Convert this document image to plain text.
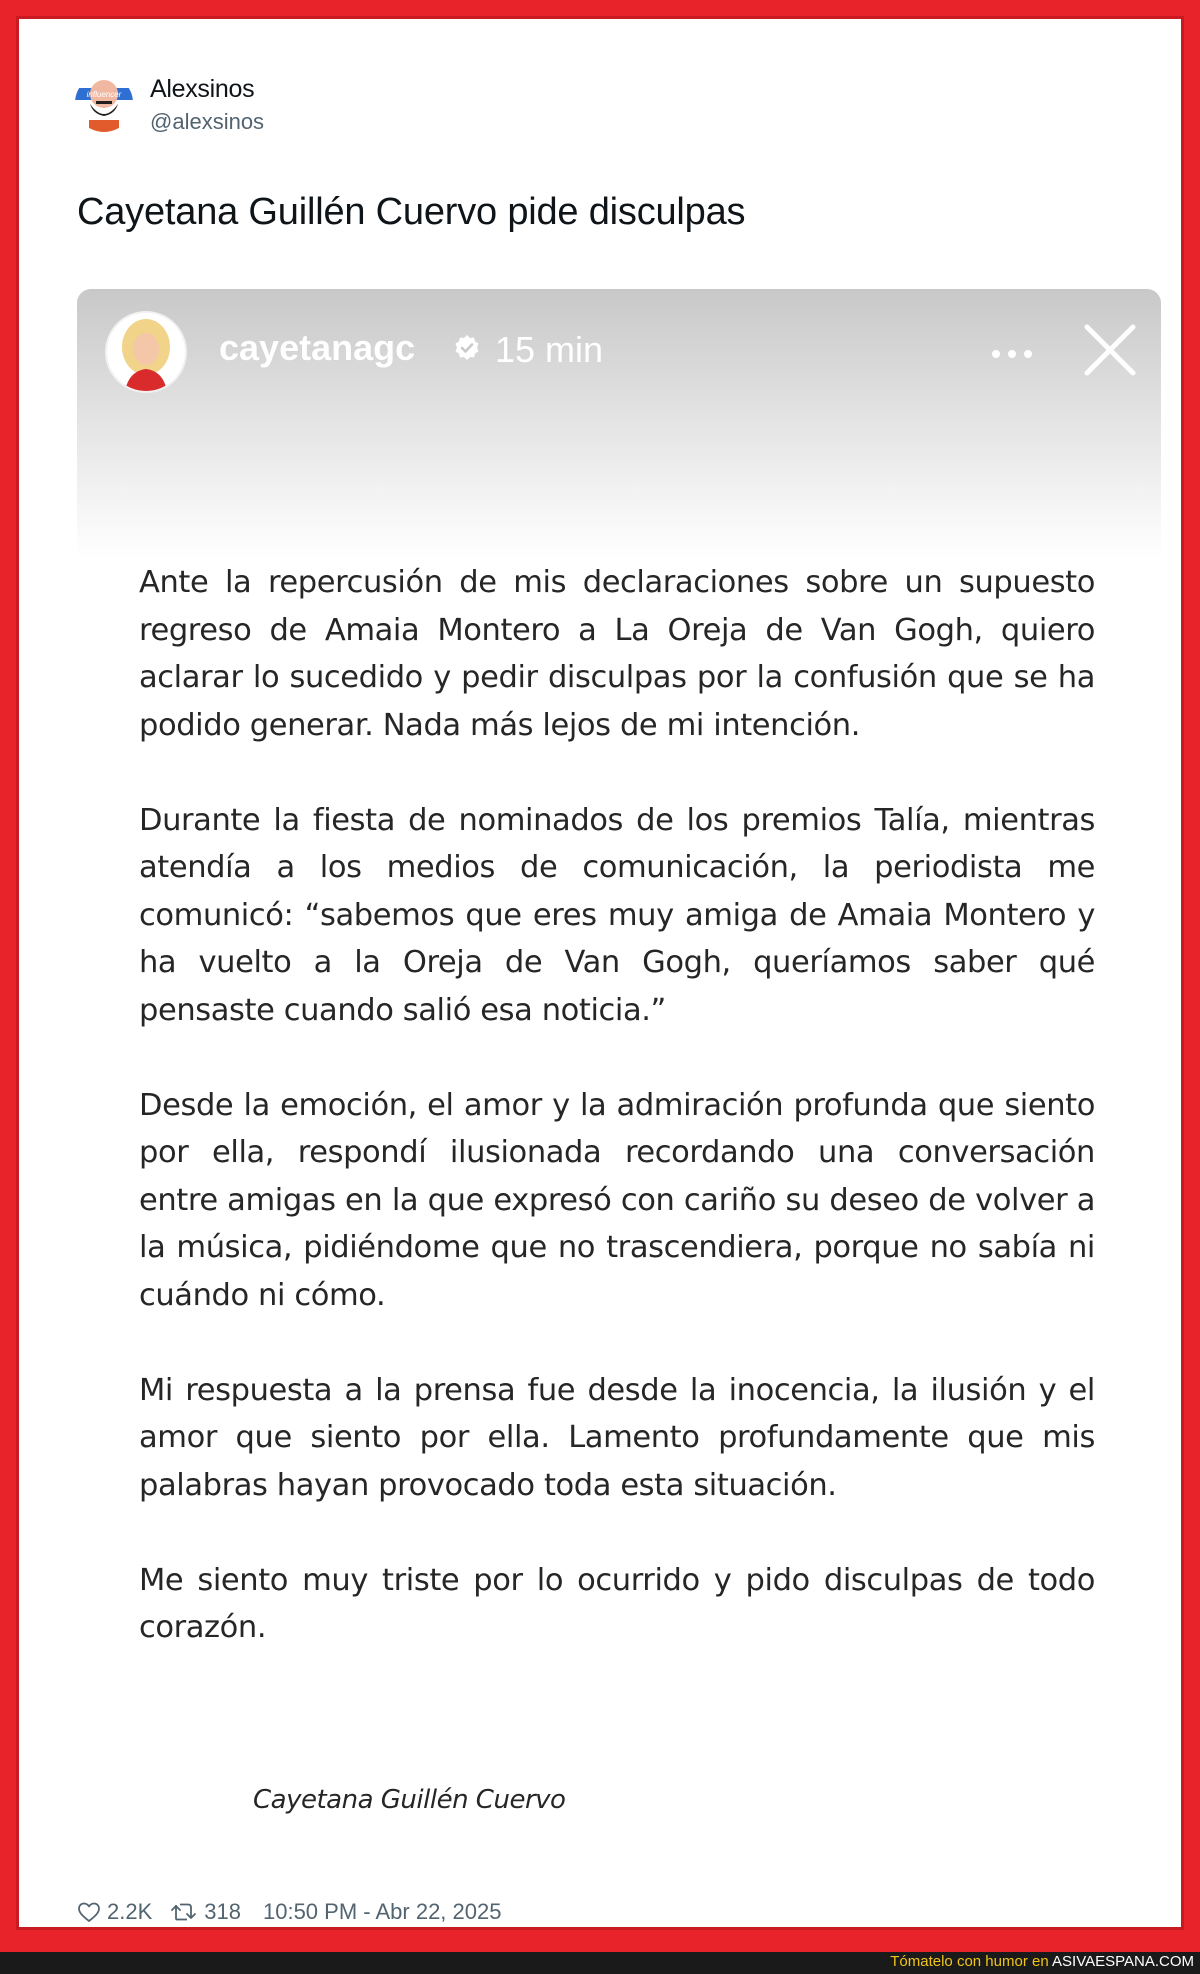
influencer Alexsinos
@alexsinos
Cayetana Guillén Cuervo pide disculpas
cayetanagc 15 min

Ante la repercusión de mis declaraciones sobre un supuesto regreso de Amaia Montero a La Oreja de Van Gogh, quiero aclarar lo sucedido y pedir disculpas por la confusión que se ha podido generar. Nada más lejos de mi intención.

Durante la fiesta de nominados de los premios Talía, mientras atendía a los medios de comunicación, la periodista me comunicó: “sabemos que eres muy amiga de Amaia Montero y ha vuelto a la Oreja de Van Gogh, queríamos saber qué pensaste cuando salió esa noticia.”

Desde la emoción, el amor y la admiración profunda que siento por ella, respondí ilusionada recordando una conversación entre amigas en la que expresó con cariño su deseo de volver a la música, pidiéndome que no trascendiera, porque no sabía ni cuándo ni cómo.

Mi respuesta a la prensa fue desde la inocencia, la ilusión y el amor que siento por ella. Lamento profundamente que mis palabras hayan provocado toda esta situación.

Me siento muy triste por lo ocurrido y pido disculpas de todo corazón.

Cayetana Guillén Cuervo
2.2K 318 10:50 PM - Abr 22, 2025
Tómatelo con humor en ASIVAESPANA.COM
